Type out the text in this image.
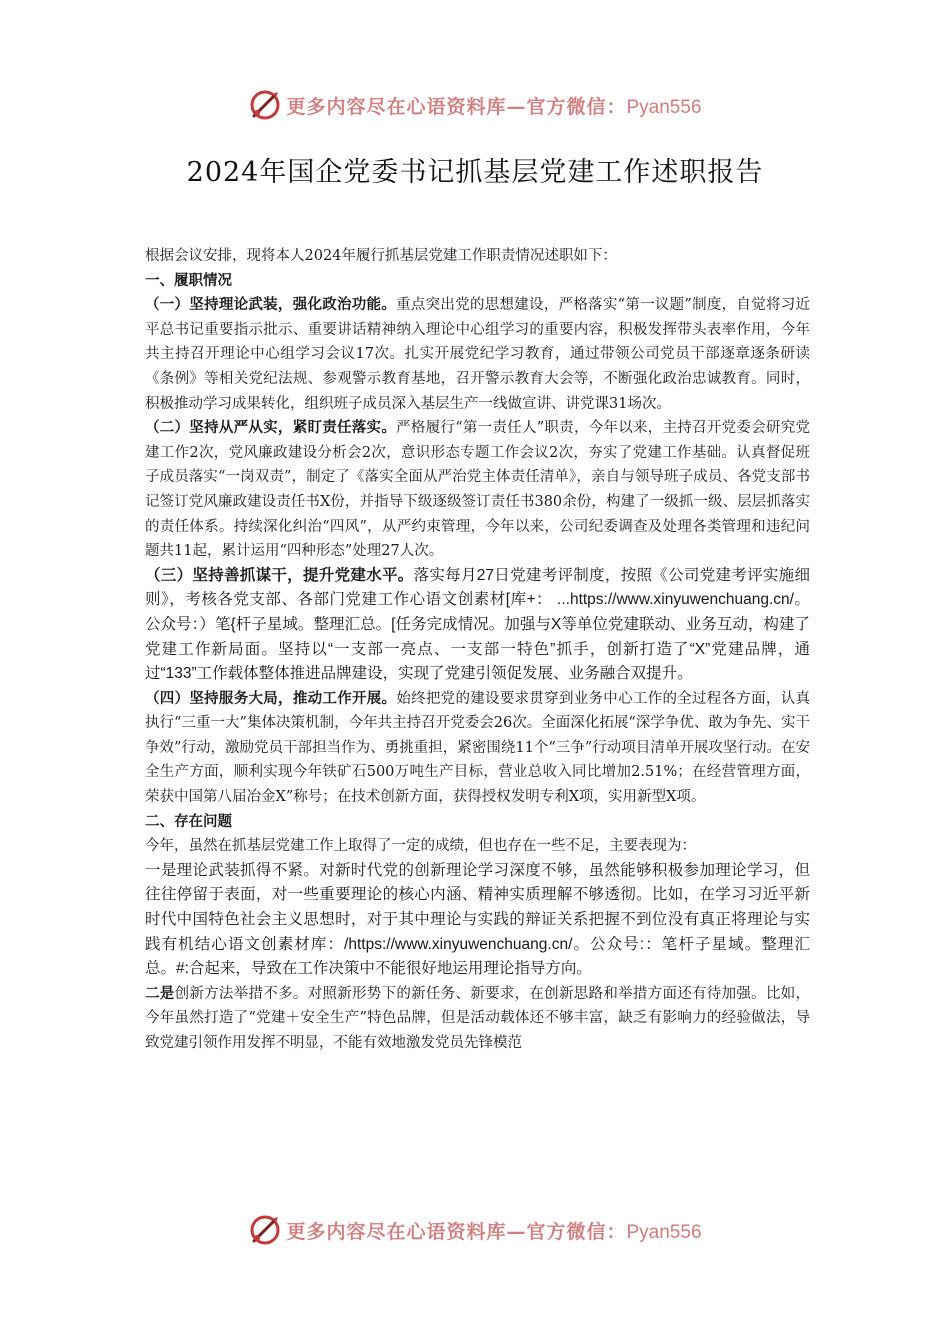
更多内容尽在心语资料库—官方微信：Pyan556
2024年国企党委书记抓基层党建工作述职报告

根据会议安排，现将本人2024年履行抓基层党建工作职责情况述职如下：

一、履职情况

（一）坚持理论武装，强化政治功能。重点突出党的思想建设，严格落实“第一议题”制度，自觉将习近平总书记重要指示批示、重要讲话精神纳入理论中心组学习的重要内容，积极发挥带头表率作用，今年共主持召开理论中心组学习会议17次。扎实开展党纪学习教育，通过带领公司党员干部逐章逐条研读《条例》等相关党纪法规、参观警示教育基地，召开警示教育大会等，不断强化政治忠诚教育。同时，积极推动学习成果转化，组织班子成员深入基层生产一线做宣讲、讲党课31场次。

（二）坚持从严从实，紧盯责任落实。严格履行“第一责任人”职责，今年以来，主持召开党委会研究党建工作2次，党风廉政建设分析会2次，意识形态专题工作会议2次，夯实了党建工作基础。认真督促班子成员落实“一岗双责”，制定了《落实全面从严治党主体责任清单》，亲自与领导班子成员、各党支部书记签订党风廉政建设责任书X份，并指导下级逐级签订责任书380余份，构建了一级抓一级、层层抓落实的责任体系。持续深化纠治“四风”，从严约束管理，今年以来，公司纪委调查及处理各类管理和违纪问题共11起，累计运用“四种形态”处理27人次。

（三）坚持善抓谋干，提升党建水平。落实每月27日党建考评制度，按照《公司党建考评实施细则》，考核各党支部、各部门党建工作心语文创素材[库+： ...https://www.xinyuwenchuang.cn/。公众号：）笔{杆子星域。整理汇总。[任务完成情况。加强与X等单位党建联动、业务互动，构建了党建工作新局面。坚持以“一支部一亮点、一支部一特色”抓手，创新打造了“X”党建品牌，通过“133”工作载体整体推进品牌建设，实现了党建引领促发展、业务融合双提升。

（四）坚持服务大局，推动工作开展。始终把党的建设要求贯穿到业务中心工作的全过程各方面，认真执行“三重一大”集体决策机制，今年共主持召开党委会26次。全面深化拓展“深学争优、敢为争先、实干争效”行动，激励党员干部担当作为、勇挑重担，紧密围绕11个“三争”行动项目清单开展攻坚行动。在安全生产方面，顺利实现今年铁矿石500万吨生产目标，营业总收入同比增加2.51%；在经营管理方面，荣获中国第八届冶金X”称号；在技术创新方面，获得授权发明专利X项，实用新型X项。

二、存在问题

今年，虽然在抓基层党建工作上取得了一定的成绩，但也存在一些不足，主要表现为：

一是理论武装抓得不紧。对新时代党的创新理论学习深度不够，虽然能够积极参加理论学习，但往往停留于表面，对一些重要理论的核心内涵、精神实质理解不够透彻。比如，在学习习近平新时代中国特色社会主义思想时，对于其中理论与实践的辩证关系把握不到位没有真正将理论与实践有机结心语文创素材库：/https://www.xinyuwenchuang.cn/。公众号:：笔杆子星域。整理汇总。#:合起来，导致在工作决策中不能很好地运用理论指导方向。

二是创新方法举措不多。对照新形势下的新任务、新要求，在创新思路和举措方面还有待加强。比如，今年虽然打造了“党建＋安全生产”特色品牌，但是活动载体还不够丰富，缺乏有影响力的经验做法，导致党建引领作用发挥不明显，不能有效地激发党员先锋模范

更多内容尽在心语资料库—官方微信：Pyan556
